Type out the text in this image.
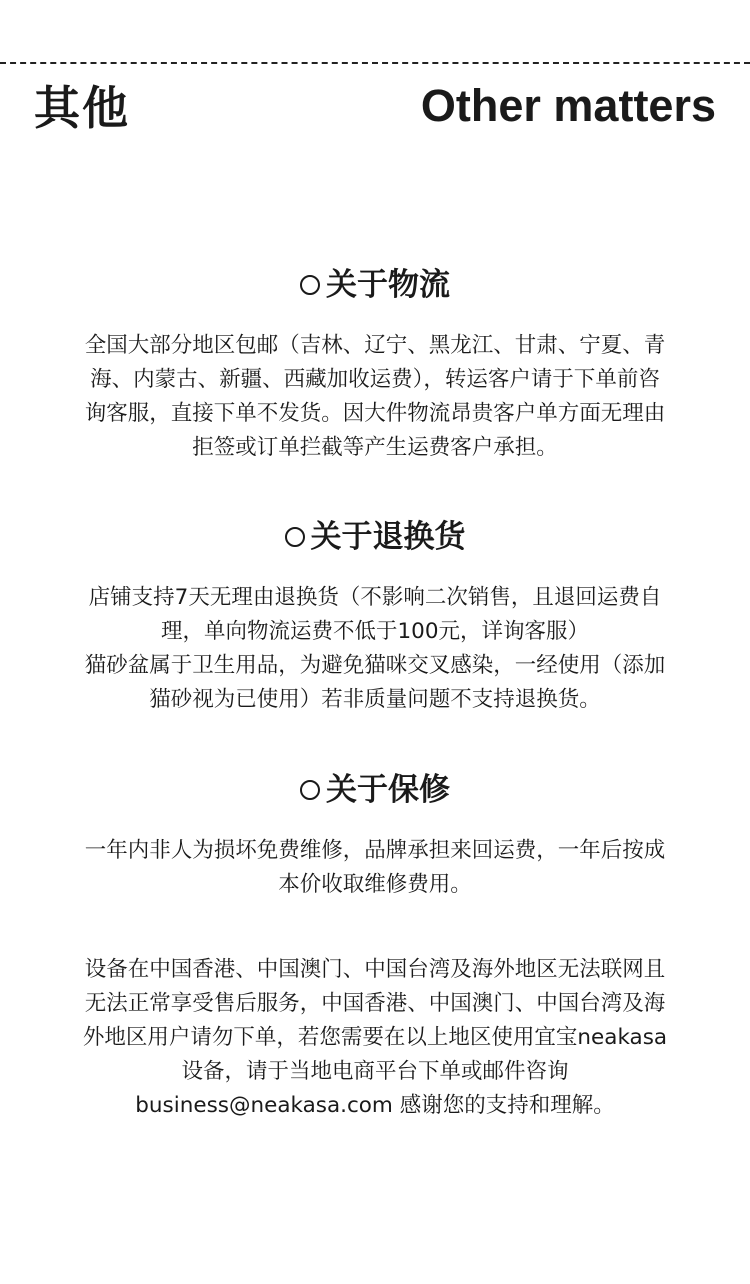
其他	Other matters
关于物流

全国大部分地区包邮（吉林、辽宁、黑龙江、甘肃、宁夏、青
海、内蒙古、新疆、西藏加收运费），转运客户请于下单前咨
询客服，直接下单不发货。因大件物流昂贵客户单方面无理由
拒签或订单拦截等产生运费客户承担。

关于退换货

店铺支持7天无理由退换货（不影响二次销售，且退回运费自
理，单向物流运费不低于100元，详询客服）
猫砂盆属于卫生用品，为避免猫咪交叉感染，一经使用（添加
猫砂视为已使用）若非质量问题不支持退换货。

关于保修

一年内非人为损坏免费维修，品牌承担来回运费，一年后按成
本价收取维修费用。

设备在中国香港、中国澳门、中国台湾及海外地区无法联网且
无法正常享受售后服务，中国香港、中国澳门、中国台湾及海
外地区用户请勿下单，若您需要在以上地区使用宜宝neakasa
设备，请于当地电商平台下单或邮件咨询
business@neakasa.com 感谢您的支持和理解。
